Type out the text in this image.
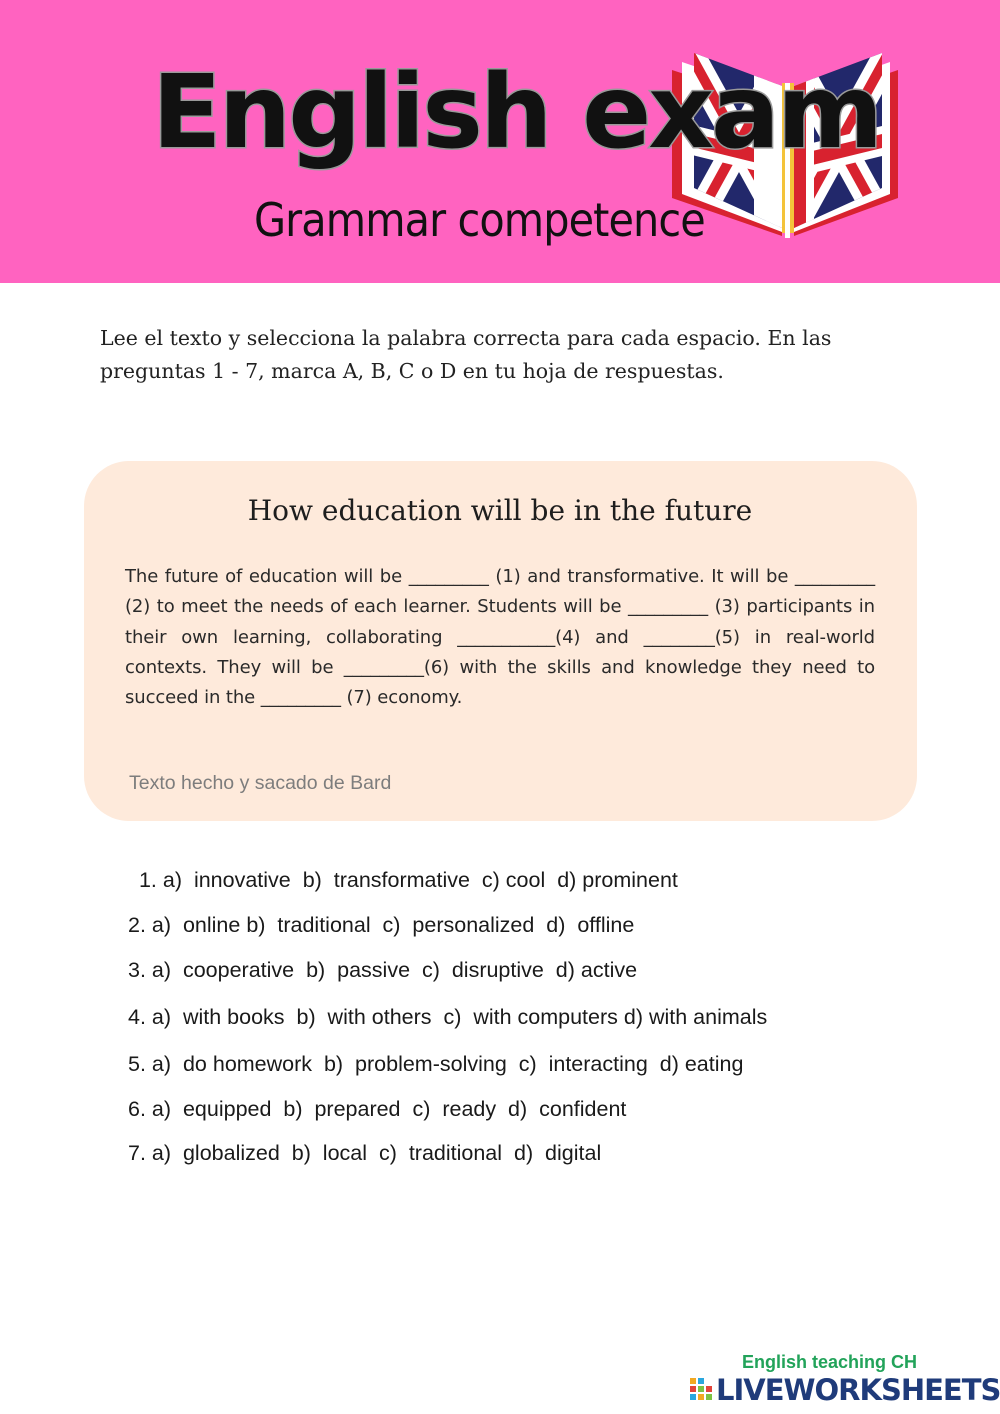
English exam
Grammar competence

Lee el texto y selecciona la palabra correcta para cada espacio. En las preguntas 1 - 7, marca A, B, C o D en tu hoja de respuestas.

How education will be in the future

The future of education will be _________ (1) and transformative. It will be _________ (2) to meet the needs of each learner. Students will be _________ (3) participants in their own learning, collaborating ___________(4) and ________(5) in real-world contexts. They will be _________(6) with the skills and knowledge they need to succeed in the _________ (7) economy.

Texto hecho y sacado de Bard
1. a)  innovative  b)  transformative  c) cool  d) prominent
2. a)  online b)  traditional  c)  personalized  d)  offline
3. a)  cooperative  b)  passive  c)  disruptive  d) active
4. a)  with books  b)  with others  c)  with computers d) with animals
5. a)  do homework  b)  problem-solving  c)  interacting  d) eating
6. a)  equipped  b)  prepared  c)  ready  d)  confident
7. a)  globalized  b)  local  c)  traditional  d)  digital
English teaching CH
LIVEWORKSHEETS
